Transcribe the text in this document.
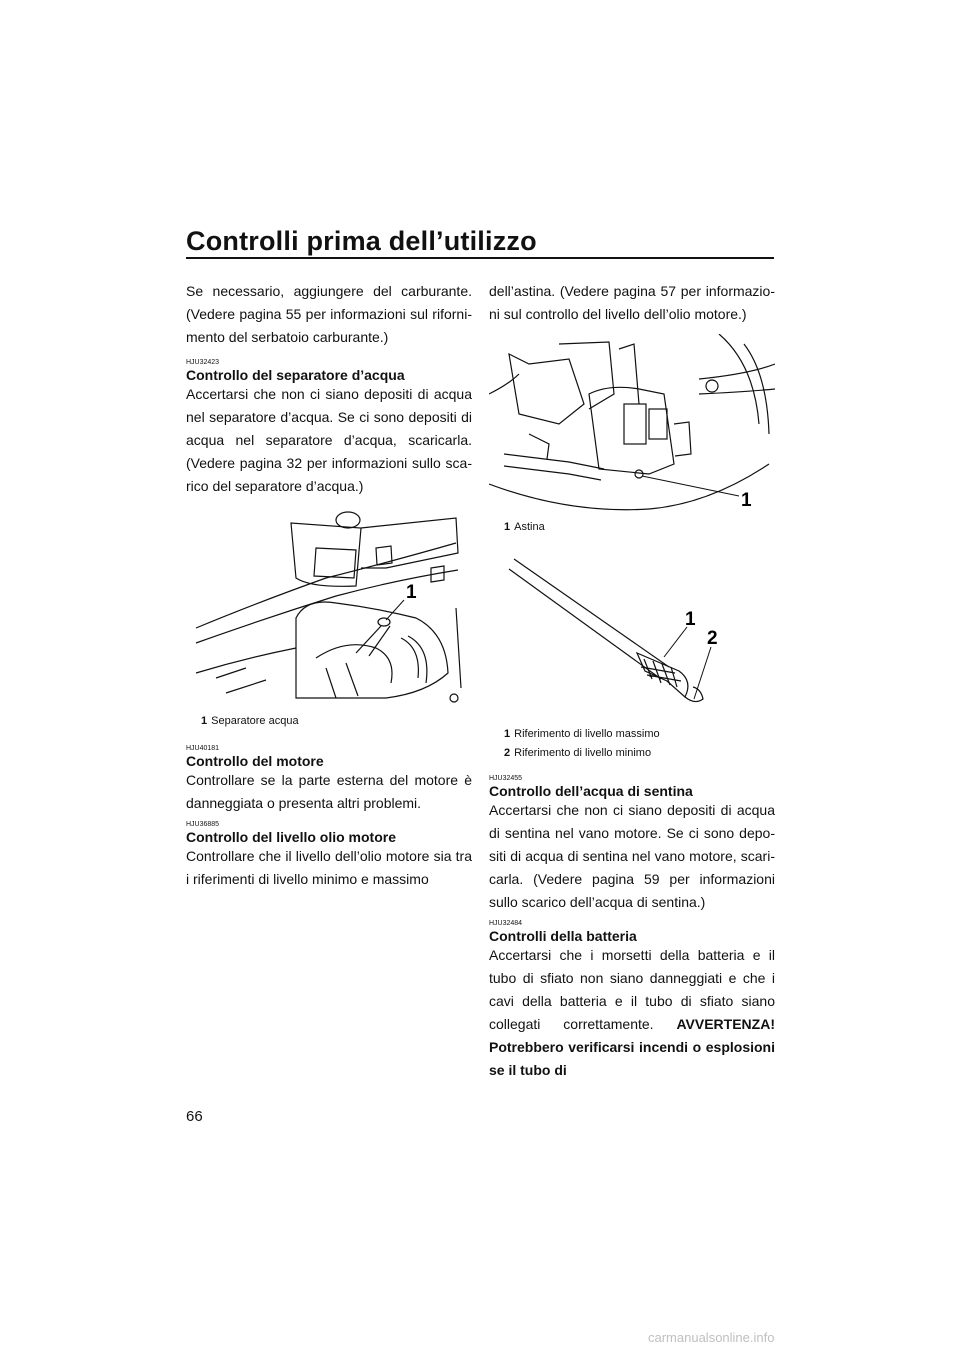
Controlli prima dell’utilizzo

Se necessario, aggiungere del carburante. (Vedere pagina 55 per informazioni sul rifornimento del serbatoio carburante.)

HJU32423

Controllo del separatore d’acqua

Accertarsi che non ci siano depositi di acqua nel separatore d’acqua. Se ci sono depositi di acqua nel separatore d’acqua, scaricarla. (Vedere pagina 32 per informazioni sullo scarico del separatore d’acqua.)

1
1 Separatore acqua
HJU40181

Controllo del motore

Controllare se la parte esterna del motore è danneggiata o presenta altri problemi.

HJU36885

Controllo del livello olio motore

Controllare che il livello dell’olio motore sia tra i riferimenti di livello minimo e massimo

dell’astina. (Vedere pagina 57 per informazioni sul controllo del livello dell’olio motore.)

1
1 Astina
L
1
2
1 Riferimento di livello massimo
2 Riferimento di livello minimo
HJU32455

Controllo dell’acqua di sentina

Accertarsi che non ci siano depositi di acqua di sentina nel vano motore. Se ci sono depositi di acqua di sentina nel vano motore, scaricarla. (Vedere pagina 59 per informazioni sullo scarico dell’acqua di sentina.)

HJU32484

Controlli della batteria

Accertarsi che i morsetti della batteria e il tubo di sfiato non siano danneggiati e che i cavi della batteria e il tubo di sfiato siano collegati correttamente. AVVERTENZA! Potrebbero verificarsi incendi o esplosioni se il tubo di

66
carmanualsonline.info
